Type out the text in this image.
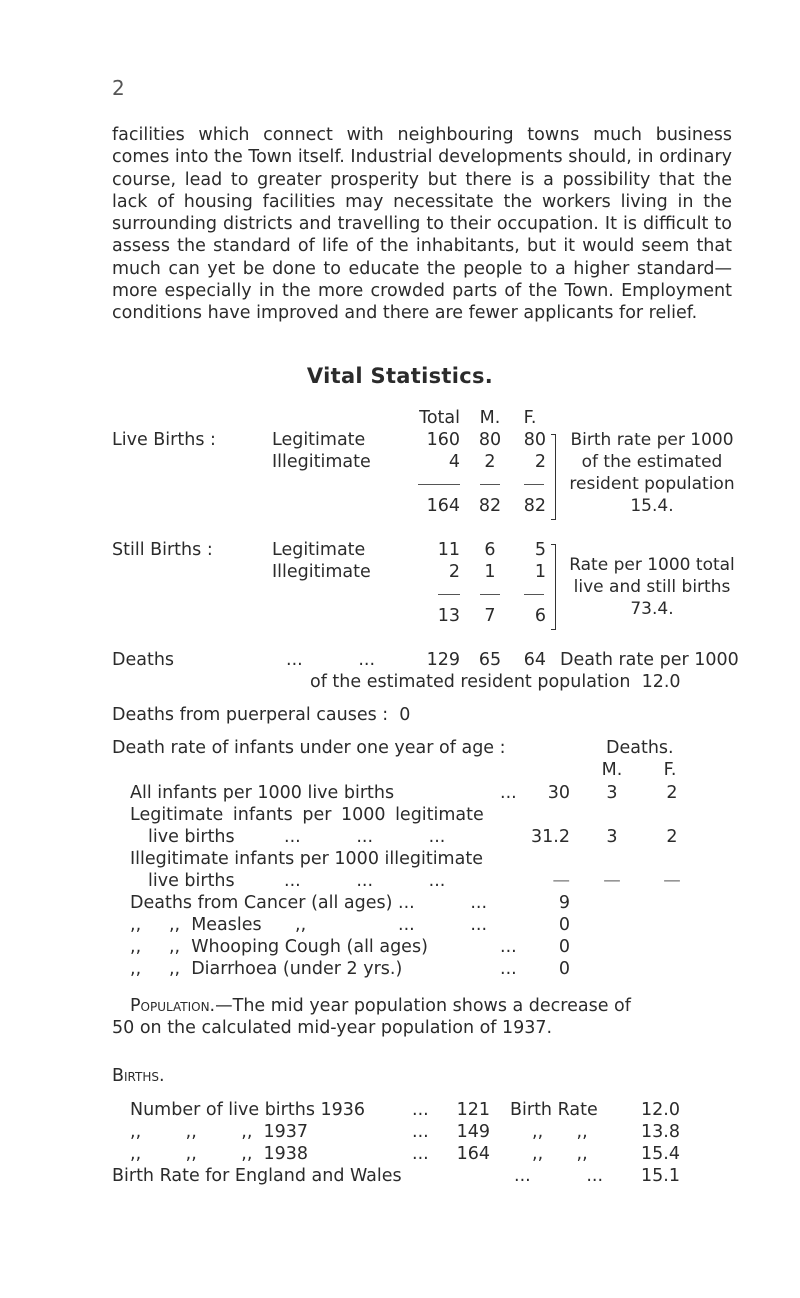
2

facilities which connect with neighbouring towns much business comes into the Town itself. Industrial developments should, in ordinary course, lead to greater prosperity but there is a possibility that the lack of housing facilities may necessitate the workers living in the surrounding districts and travelling to their occupation. It is difficult to assess the standard of life of the inhabitants, but it would seem that much can yet be done to educate the people to a higher standard—more especially in the more crowded parts of the Town. Employment conditions have improved and there are fewer applicants for relief.

Vital Statistics.
Total	M.	F.
Live Births :	Legitimate	160	80	80
Illegitimate	4	2	2
164	82	82
Birth rate per 1000
of the estimated
resident population
15.4.
Still Births :	Legitimate	11	6	5
Illegitimate	2	1	1
13	7	6
Rate per 1000 total
live and still births
73.4.
Deaths	...          ...	129	65	64 Death rate per 1000
of the estimated resident population  12.0
Deaths from puerperal causes :  0
Death rate of infants under one year of age :	Deaths.
M.	F.
All infants per 1000 live births	...	30	3	2
Legitimate infants per 1000 legitimate
live births	...          ...          ...	31.2	3	2
Illegitimate infants per 1000 illegitimate
live births	...          ...          ...	—	—	—
Deaths from Cancer (all ages) ...          ...	9
,,     ,,  Measles      ,,	...          ...	0
,,     ,,  Whooping Cough (all ages)	...	0
,,     ,,  Diarrhoea (under 2 yrs.)	...	0
Population.—The mid year population shows a decrease of
50 on the calculated mid-year population of 1937.
Births.
Number of live births 1936	...	121 Birth Rate	12.0
,,        ,,        ,,  1937	...	149 ,,      ,,	13.8
,,        ,,        ,,  1938	...	164 ,,      ,,	15.4
Birth Rate for England and Wales	...          ...	15.1
